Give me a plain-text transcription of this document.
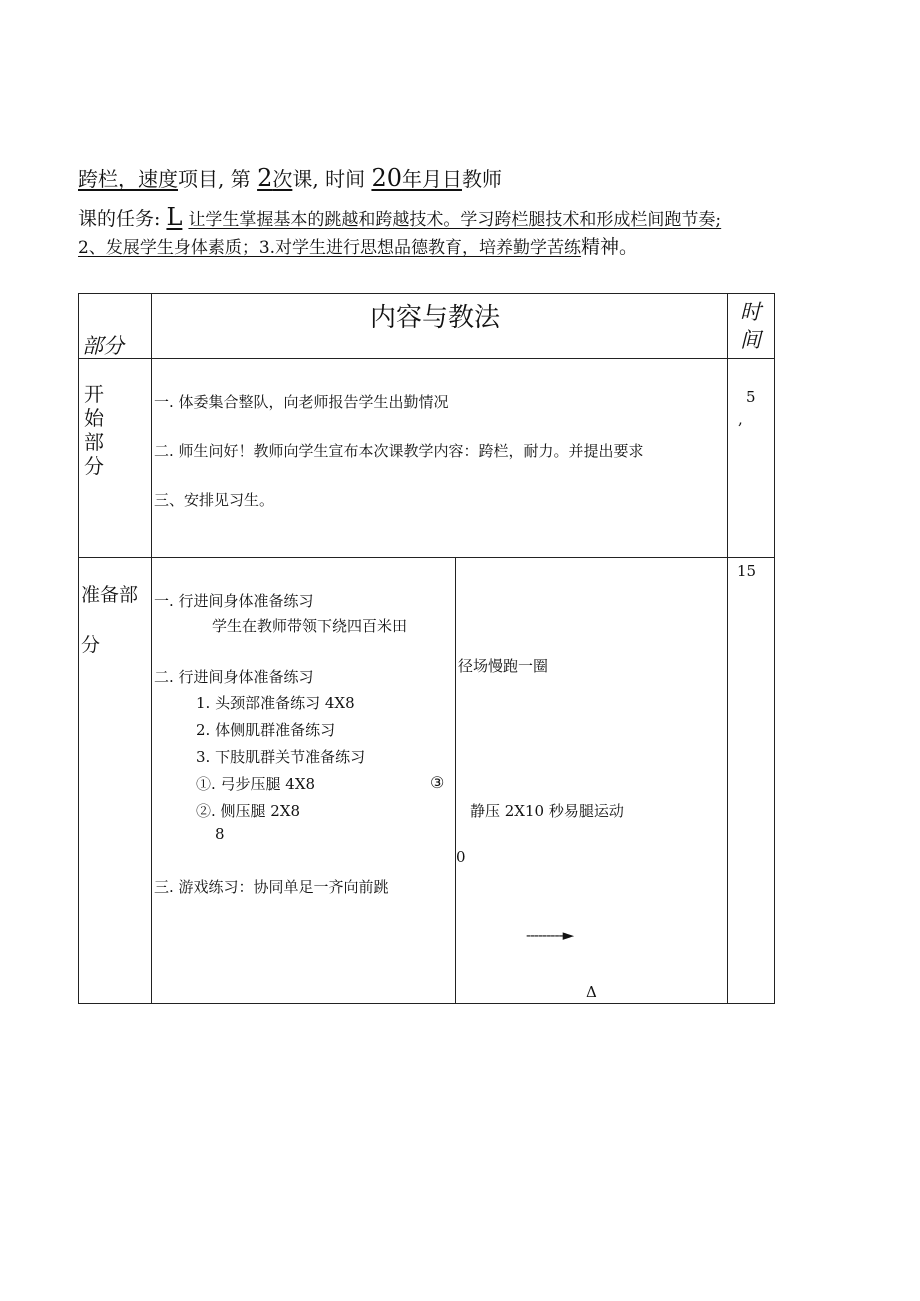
跨栏，速度项目, 第 2次课, 时间 20年月日教师
课的任务: L 让学生掌握基本的跳越和跨越技术。学习跨栏腿技术和形成栏间跑节奏;
2、发展学生身体素质；3.对学生进行思想品德教育，培养勤学苦练精神。
部分
内容与教法	时间
开始部分
一. 体委集合整队，向老师报告学生出勤情况
二. 师生问好！教师向学生宣布本次课教学内容：跨栏，耐力。并提出要求
三、安排见习生。
5
,
准备部
分
一. 行进间身体准备练习
学生在教师带领下绕四百米田
二. 行进间身体准备练习
1. 头颈部准备练习 4X8
2. 体侧肌群准备练习
3. 下肢肌群关节准备练习
①. 弓步压腿 4X8	③
②. 侧压腿 2X8
8
三. 游戏练习：协同单足一齐向前跳
径场慢跑一圈
静压 2X10 秒易腿运动
0
---------►
Δ
15
